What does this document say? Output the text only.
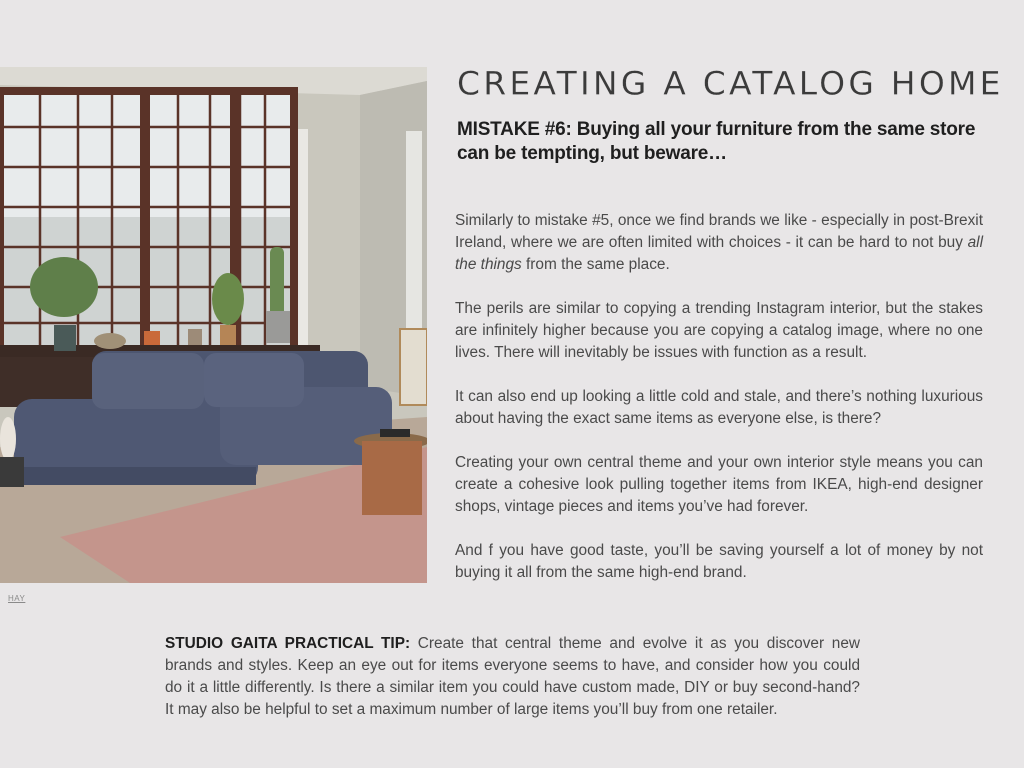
HAY
CREATING A CATALOG HOME
MISTAKE #6: Buying all your furniture from the same store can be tempting, but beware…

Similarly to mistake #5, once we find brands we like - especially in post-Brexit Ireland, where we are often limited with choices - it can be hard to not buy all the things from the same place.

The perils are similar to copying a trending Instagram interior, but the stakes are infinitely higher because you are copying a catalog image, where no one lives. There will inevitably be issues with function as a result.

It can also end up looking a little cold and stale, and there’s nothing luxurious about having the exact same items as everyone else, is there?

Creating your own central theme and your own interior style means you can create a cohesive look pulling together items from IKEA, high-end designer shops, vintage pieces and items you’ve had forever.

And f you have good taste, you’ll be saving yourself a lot of money by not buying it all from the same high-end brand.

STUDIO GAITA PRACTICAL TIP: Create that central theme and evolve it as you discover new brands and styles. Keep an eye out for items everyone seems to have, and consider how you could do it a little differently. Is there a similar item you could have custom made, DIY or buy second-hand? It may also be helpful to set a maximum number of large items you’ll buy from one retailer.
